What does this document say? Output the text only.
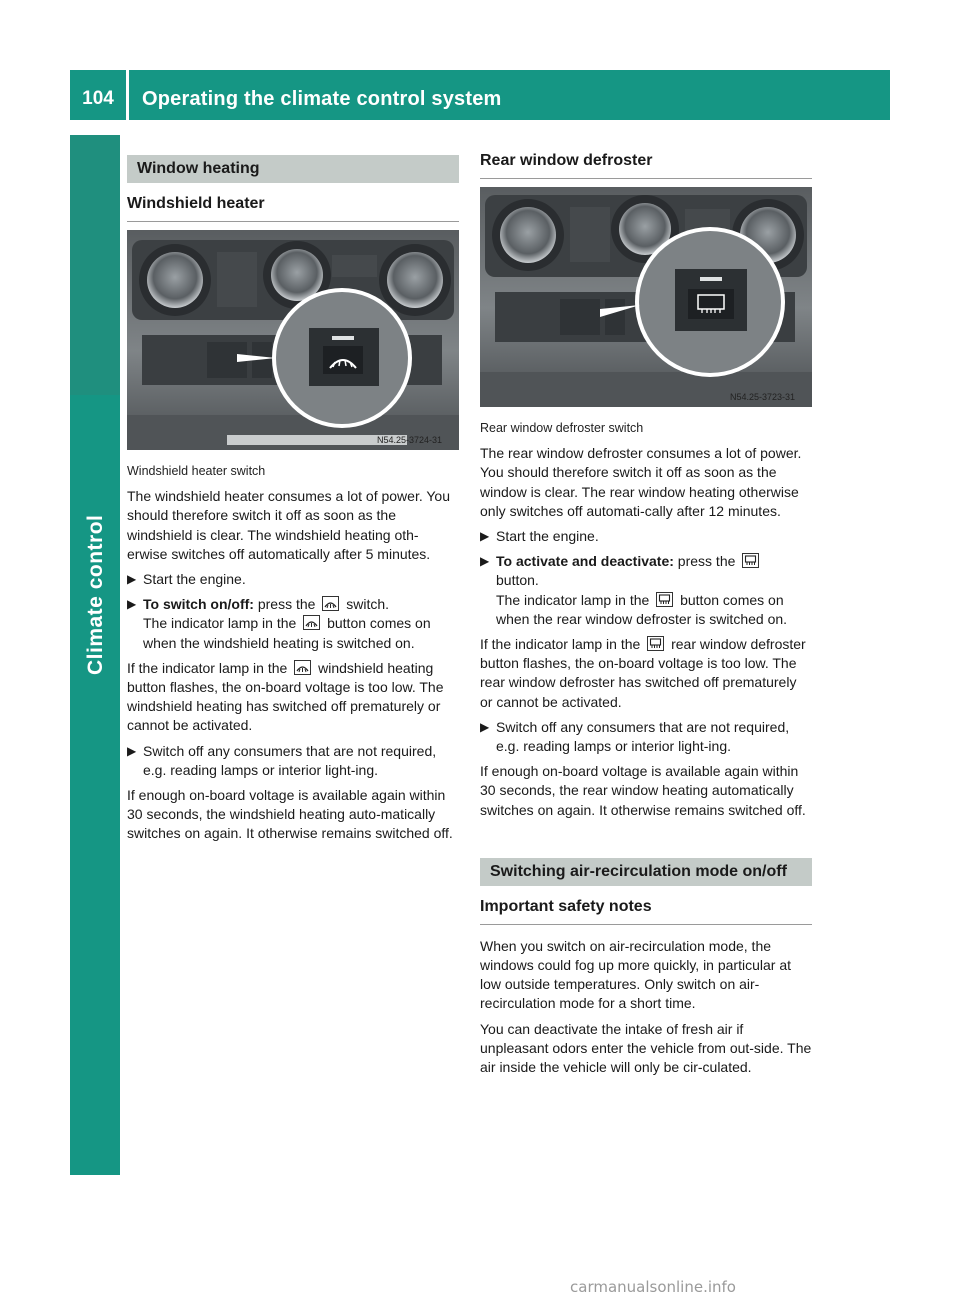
104	Operating the climate control system
Climate control
Window heating
Windshield heater
N54.25-3724-31
Windshield heater switch

The windshield heater consumes a lot of power. You should therefore switch it off as soon as the windshield is clear. The windshield heating oth-erwise switches off automatically after 5 minutes.

▶ Start the engine.
▶ To switch on/off: press the
switch.
The indicator lamp in the
button comes on when the windshield heating is switched on.

If the indicator lamp in the
windshield heating button flashes, the on-board voltage is too low. The windshield heating has switched off prematurely or cannot be activated.

▶ Switch off any consumers that are not required, e.g. reading lamps or interior light-ing.

If enough on-board voltage is available again within 30 seconds, the windshield heating auto-matically switches on again. It otherwise remains switched off.

Rear window defroster
N54.25-3723-31
Rear window defroster switch

The rear window defroster consumes a lot of power. You should therefore switch it off as soon as the window is clear. The rear window heating otherwise only switches off automati-cally after 12 minutes.

▶ Start the engine.
▶ To activate and deactivate: press the

button.
The indicator lamp in the
button comes on when the rear window defroster is switched on.

If the indicator lamp in the
rear window defroster button flashes, the on-board voltage is too low. The rear window defroster has switched off prematurely or cannot be activated.

▶ Switch off any consumers that are not required, e.g. reading lamps or interior light-ing.

If enough on-board voltage is available again within 30 seconds, the rear window heating automatically switches on again. It otherwise remains switched off.

Switching air-recirculation mode on/off
Important safety notes

When you switch on air-recirculation mode, the windows could fog up more quickly, in particular at low outside temperatures. Only switch on air-recirculation mode for a short time.

You can deactivate the intake of fresh air if unpleasant odors enter the vehicle from out-side. The air inside the vehicle will only be cir-culated.

carmanualsonline.info
